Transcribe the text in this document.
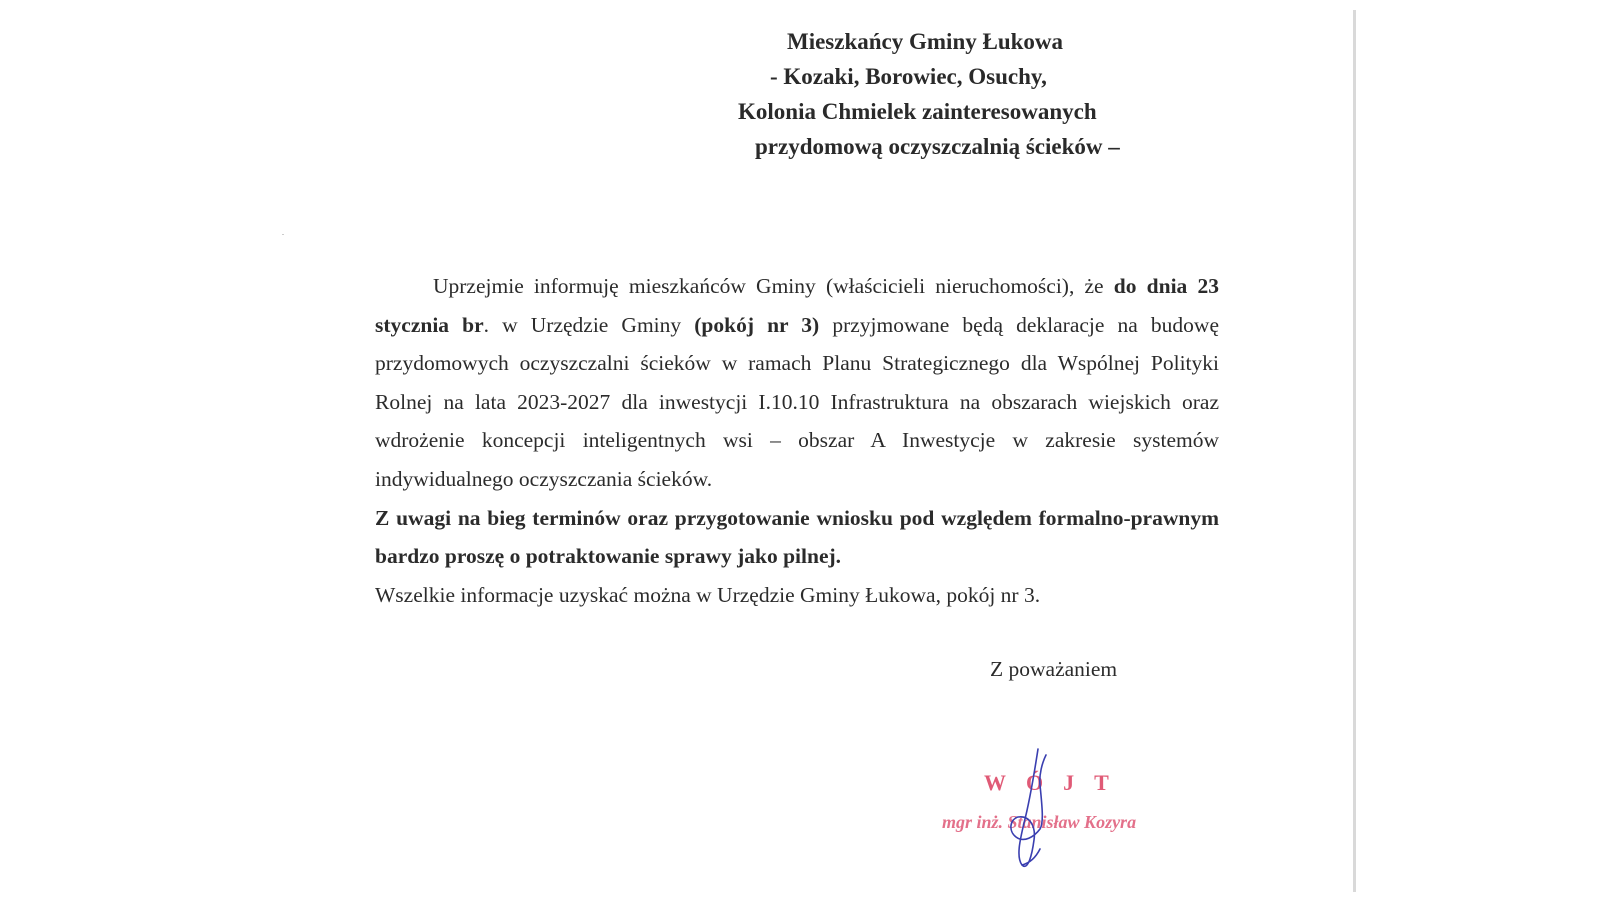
Mieszkańcy Gminy Łukowa
- Kozaki, Borowiec, Osuchy,
Kolonia Chmielek zainteresowanych
przydomową oczyszczalnią ścieków –

Uprzejmie informuję mieszkańców Gminy (właścicieli nieruchomości), że do dnia 23 stycznia br. w Urzędzie Gminy (pokój nr 3) przyjmowane będą deklaracje na budowę przydomowych oczyszczalni ścieków w ramach Planu Strategicznego dla Wspólnej Polityki Rolnej na lata 2023-2027 dla inwestycji I.10.10 Infrastruktura na obszarach wiejskich oraz wdrożenie koncepcji inteligentnych wsi – obszar A Inwestycje w zakresie systemów indywidualnego oczyszczania ścieków.

Z uwagi na bieg terminów oraz przygotowanie wniosku pod względem formalno-prawnym bardzo proszę o potraktowanie sprawy jako pilnej.

Wszelkie informacje uzyskać można w Urzędzie Gminy Łukowa, pokój nr 3.

Z poważaniem
WÓJT
mgr inż. Stanisław Kozyra
